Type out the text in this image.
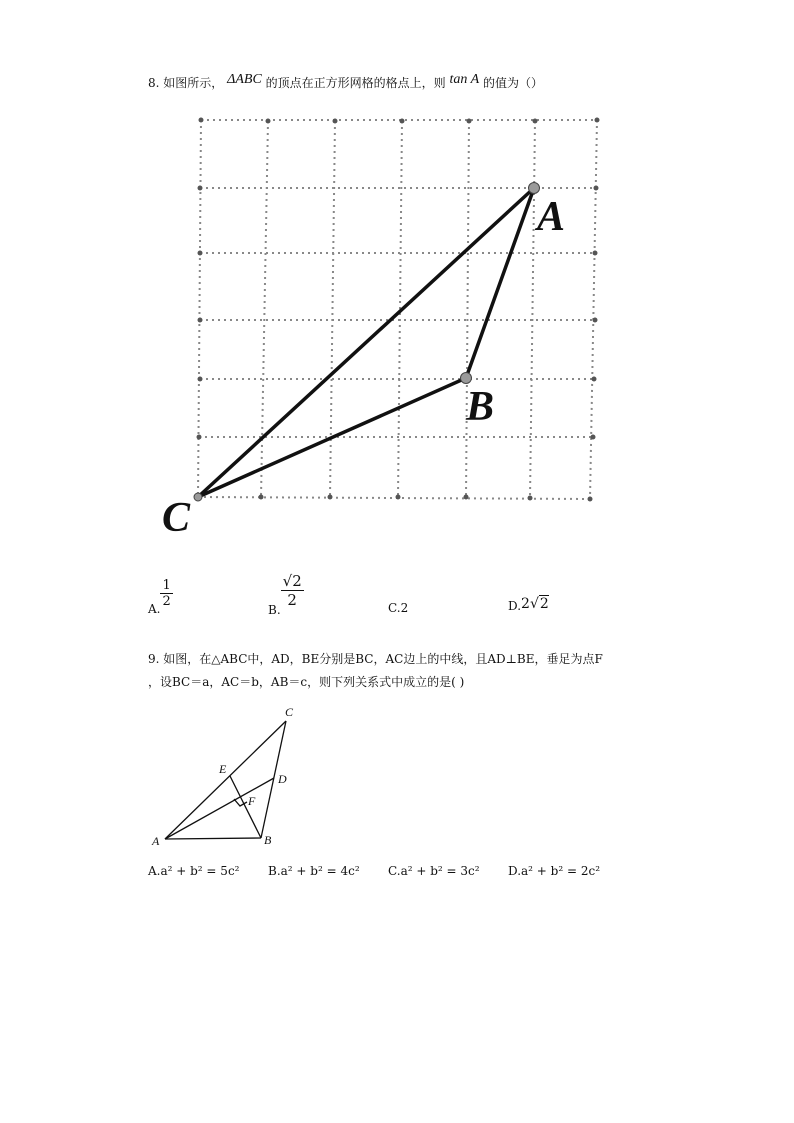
8. 如图所示， ΔABC 的顶点在正方形网格的格点上，则 tan A 的值为（）
A
B
C
A. $\frac{1}{2}$
B.
$\frac{√2}{2}$	C.2	D.2√2
9. 如图，在△ABC中，AD，BE分别是BC，AC边上的中线，且AD⊥BE，垂足为点F
，设BC＝a，AC＝b，AB＝c，则下列关系式中成立的是( )
C
E
D
F
A	B
A.a² + b² = 5c² B.a² + b² = 4c² C.a² + b² = 3c² D.a² + b² = 2c²
